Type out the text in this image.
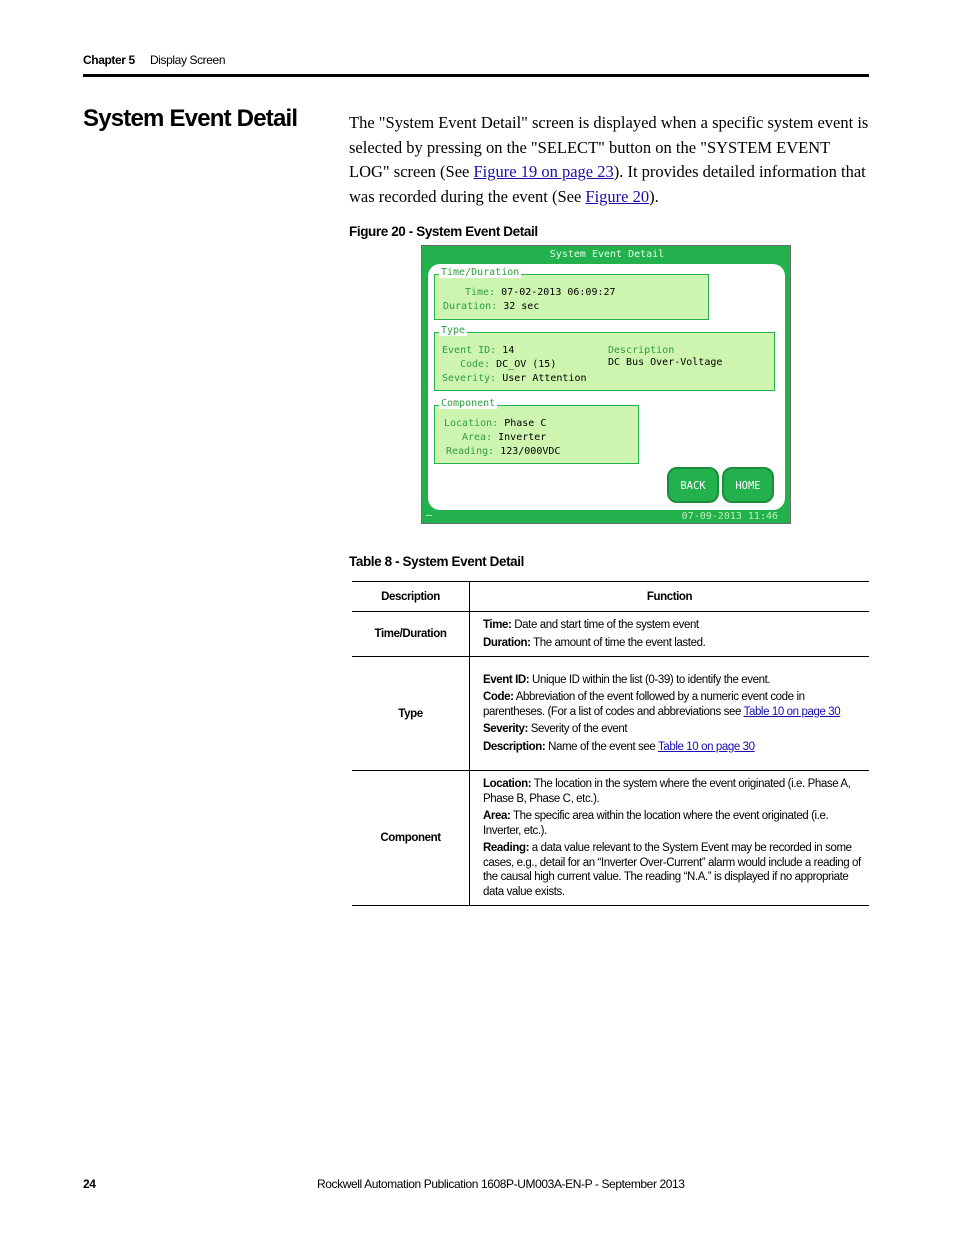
Chapter 5 Display Screen
System Event Detail	The "System Event Detail" screen is displayed when a specific system event is selected by pressing on the "SELECT" button on the "SYSTEM EVENT LOG" screen (See Figure 19 on page 23). It provides detailed information that was recorded during the event (See Figure 20).
Figure 20 - System Event Detail
System Event Detail
Time/Duration
Time: 07-02-2013 06:09:27
Duration: 32 sec
Type
Event ID: 14
Code: DC_OV (15)
Severity: User Attention
Description
DC Bus Over-Voltage
Component
Location: Phase C
Area: Inverter
Reading: 123/000VDC
BACK	HOME
–	07-09-2013 11:46
Table 8 - System Event Detail
Description	Function
Time/Duration	Time: Date and start time of the system event

Duration: The amount of time the event lasted.

Type	Event ID: Unique ID within the list (0-39) to identify the event.

Code: Abbreviation of the event followed by a numeric event code in parentheses. (For a list of codes and abbreviations see Table 10 on page 30

Severity: Severity of the event

Description: Name of the event see Table 10 on page 30

Component	Location: The location in the system where the event originated (i.e. Phase A, Phase B, Phase C, etc.).

Area: The specific area within the location where the event originated (i.e. Inverter, etc.).

Reading: a data value relevant to the System Event may be recorded in some cases, e.g., detail for an “Inverter Over-Current” alarm would include a reading of the causal high current value. The reading “N.A.” is displayed if no appropriate data value exists.

24	Rockwell Automation Publication 1608P-UM003A-EN-P - September 2013
